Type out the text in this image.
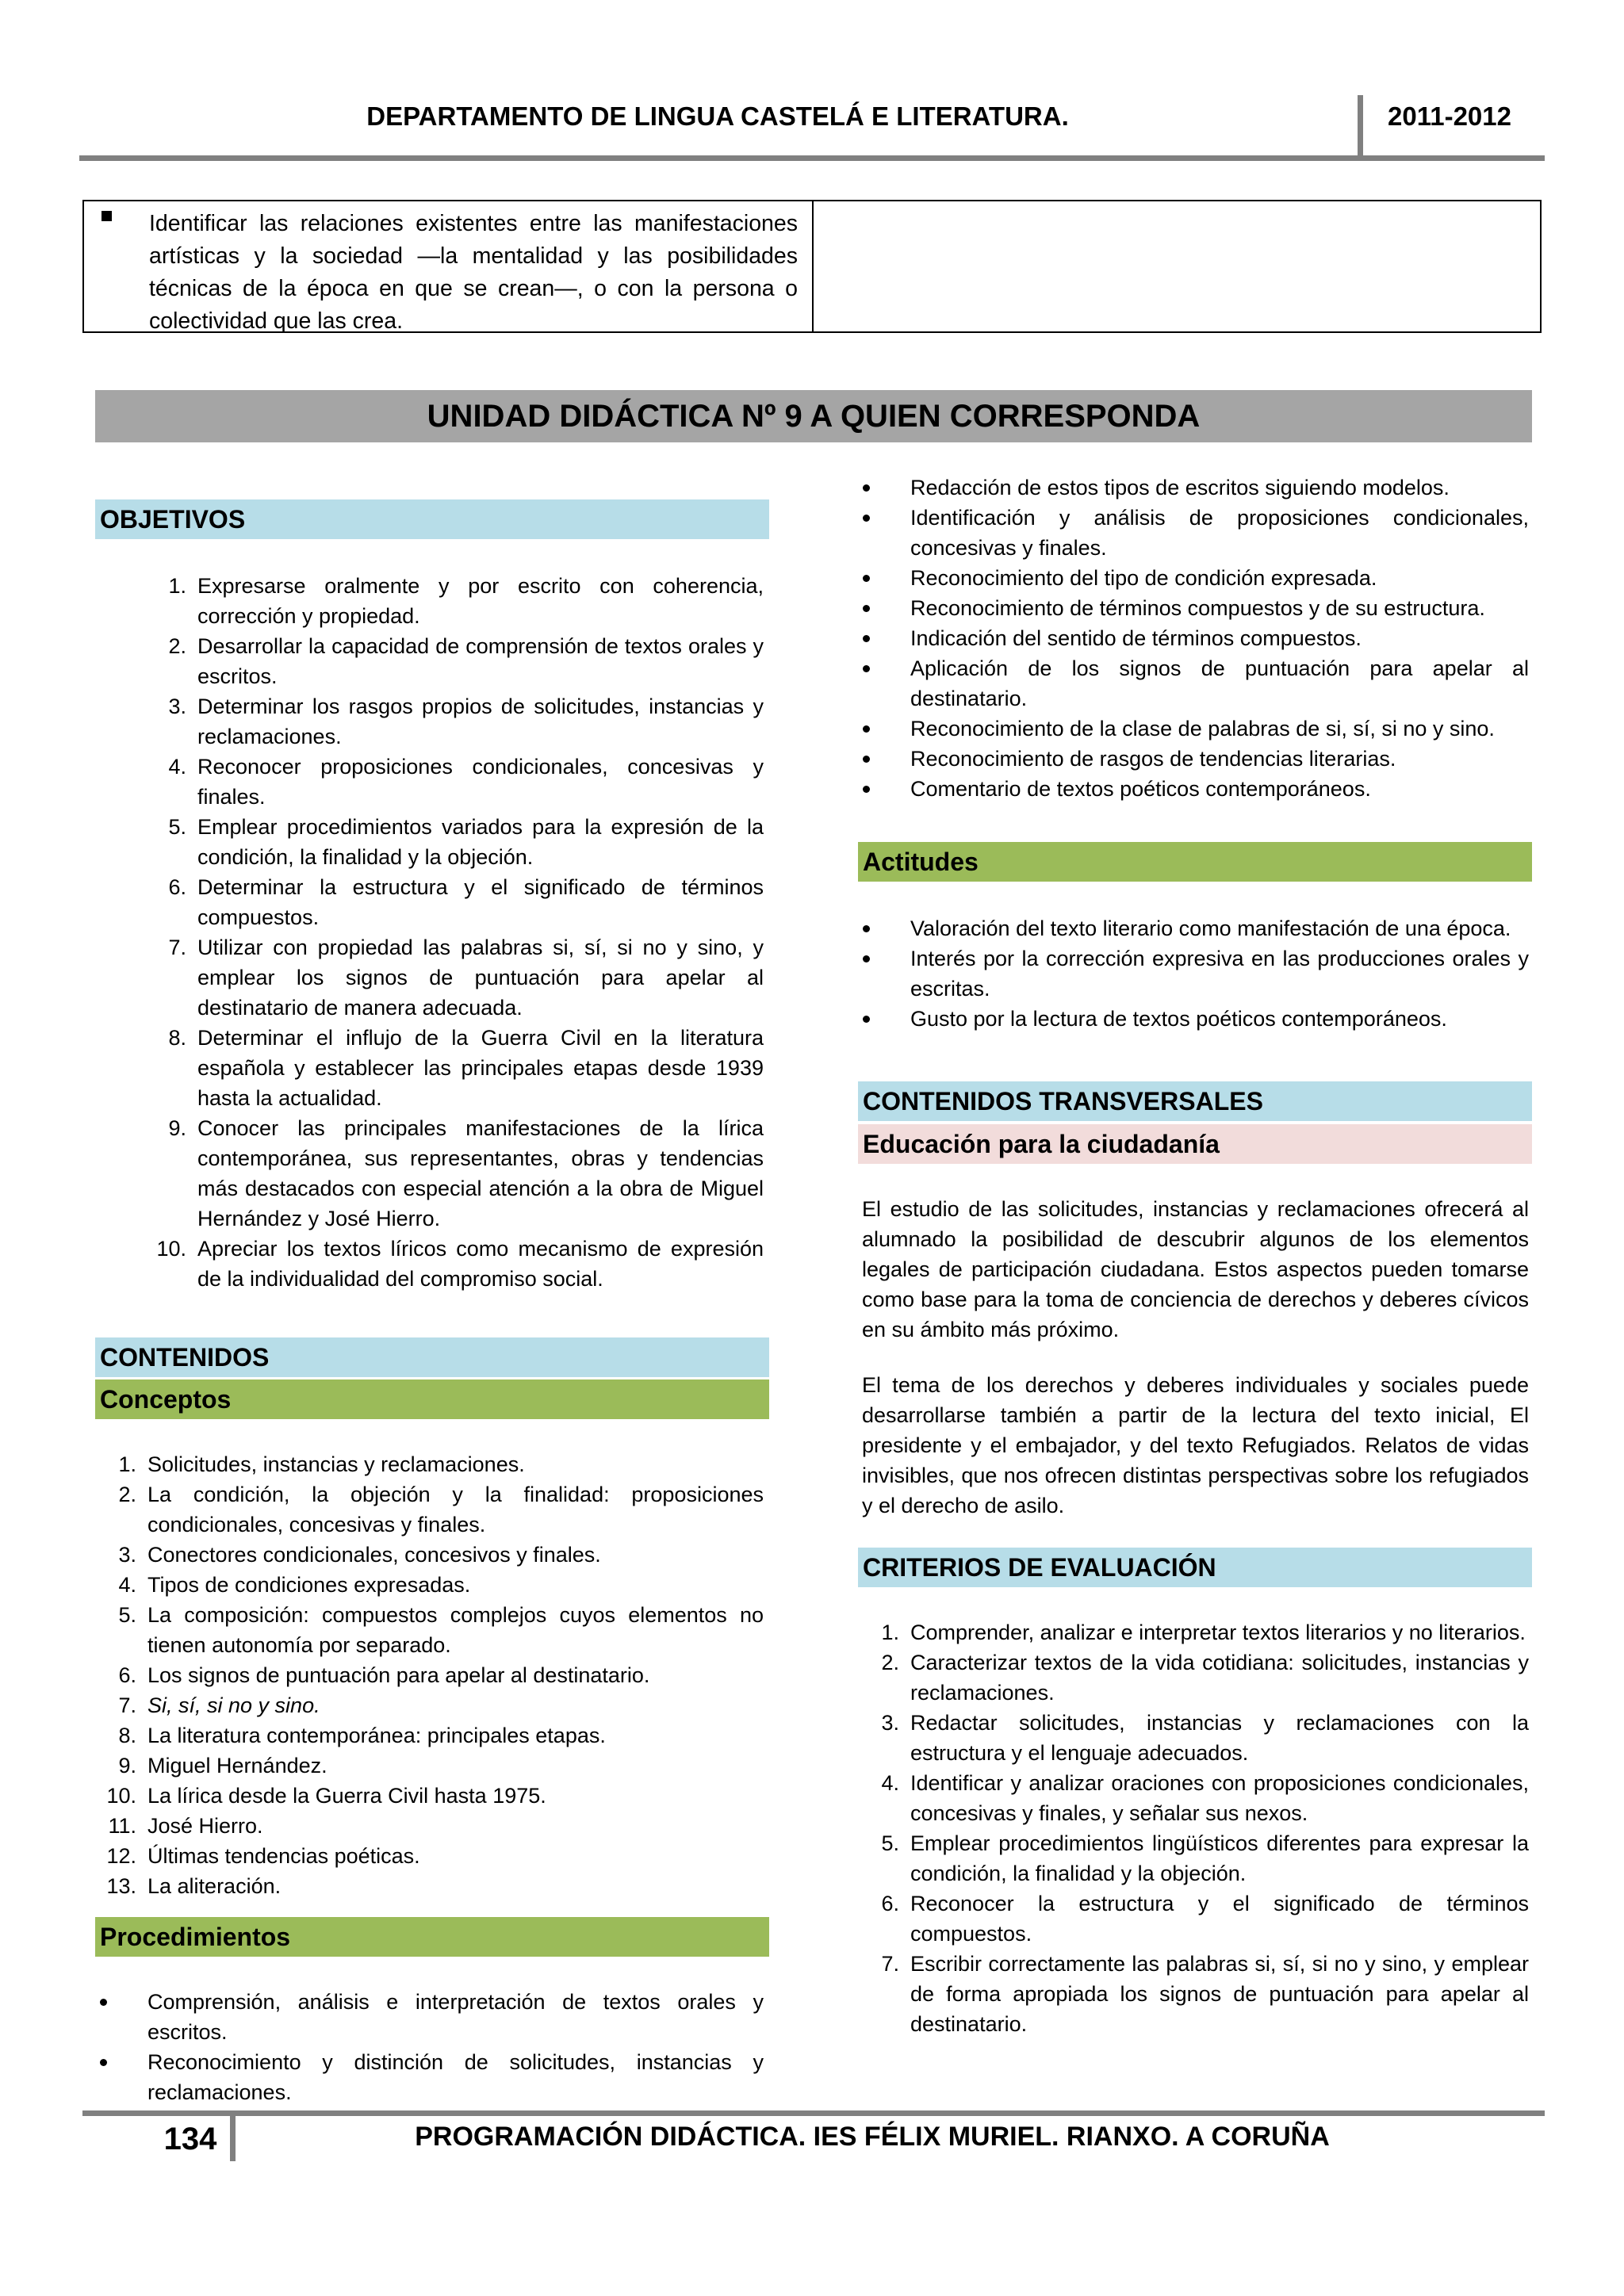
DEPARTAMENTO DE LINGUA CASTELÁ E LITERATURA.	2011-2012
Identificar las relaciones existentes entre las manifestaciones artísticas y la sociedad —la mentalidad y las posibilidades técnicas de la época en que se crean—, o con la persona o colectividad que las crea.
UNIDAD DIDÁCTICA Nº 9 A QUIEN CORRESPONDA
OBJETIVOS
1. Expresarse oralmente y por escrito con coherencia, corrección y propiedad.
2. Desarrollar la capacidad de comprensión de textos orales y escritos.
3. Determinar los rasgos propios de solicitudes, instancias y reclamaciones.
4. Reconocer proposiciones condicionales, concesivas y finales.
5. Emplear procedimientos variados para la expresión de la condición, la finalidad y la objeción.
6. Determinar la estructura y el significado de términos compuestos.
7. Utilizar con propiedad las palabras si, sí, si no y sino, y emplear los signos de puntuación para apelar al destinatario de manera adecuada.
8. Determinar el influjo de la Guerra Civil en la literatura española y establecer las principales etapas desde 1939 hasta la actualidad.
9. Conocer las principales manifestaciones de la lírica contemporánea, sus representantes, obras y tendencias más destacados con especial atención a la obra de Miguel Hernández y José Hierro.
10. Apreciar los textos líricos como mecanismo de expresión de la individualidad del compromiso social.
CONTENIDOS
Conceptos
1. Solicitudes, instancias y reclamaciones.
2. La condición, la objeción y la finalidad: proposiciones condicionales, concesivas y finales.
3. Conectores condicionales, concesivos y finales.
4. Tipos de condiciones expresadas.
5. La composición: compuestos complejos cuyos elementos no tienen autonomía por separado.
6. Los signos de puntuación para apelar al destinatario.
7. Si, sí, si no y sino.
8. La literatura contemporánea: principales etapas.
9. Miguel Hernández.
10. La lírica desde la Guerra Civil hasta 1975.
11. José Hierro.
12. Últimas tendencias poéticas.
13. La aliteración.
Procedimientos
Comprensión, análisis e interpretación de textos orales y escritos.
Reconocimiento y distinción de solicitudes, instancias y reclamaciones.
Redacción de estos tipos de escritos siguiendo modelos.
Identificación y análisis de proposiciones condicionales, concesivas y finales.
Reconocimiento del tipo de condición expresada.
Reconocimiento de términos compuestos y de su estructura.
Indicación del sentido de términos compuestos.
Aplicación de los signos de puntuación para apelar al destinatario.
Reconocimiento de la clase de palabras de si, sí, si no y sino.
Reconocimiento de rasgos de tendencias literarias.
Comentario de textos poéticos contemporáneos.
Actitudes
Valoración del texto literario como manifestación de una época.
Interés por la corrección expresiva en las producciones orales y escritas.
Gusto por la lectura de textos poéticos contemporáneos.
CONTENIDOS TRANSVERSALES
Educación para la ciudadanía
El estudio de las solicitudes, instancias y reclamaciones ofrecerá al alumnado la posibilidad de descubrir algunos de los elementos legales de participación ciudadana. Estos aspectos pueden tomarse como base para la toma de conciencia de derechos y deberes cívicos en su ámbito más próximo.
El tema de los derechos y deberes individuales y sociales puede desarrollarse también a partir de la lectura del texto inicial, El presidente y el embajador, y del texto Refugiados. Relatos de vidas invisibles, que nos ofrecen distintas perspectivas sobre los refugiados y el derecho de asilo.
CRITERIOS DE EVALUACIÓN
1. Comprender, analizar e interpretar textos literarios y no literarios.
2. Caracterizar textos de la vida cotidiana: solicitudes, instancias y reclamaciones.
3. Redactar solicitudes, instancias y reclamaciones con la estructura y el lenguaje adecuados.
4. Identificar y analizar oraciones con proposiciones condicionales, concesivas y finales, y señalar sus nexos.
5. Emplear procedimientos lingüísticos diferentes para expresar la condición, la finalidad y la objeción.
6. Reconocer la estructura y el significado de términos compuestos.
7. Escribir correctamente las palabras si, sí, si no y sino, y emplear de forma apropiada los signos de puntuación para apelar al destinatario.
134	PROGRAMACIÓN DIDÁCTICA. IES FÉLIX MURIEL. RIANXO. A CORUÑA
